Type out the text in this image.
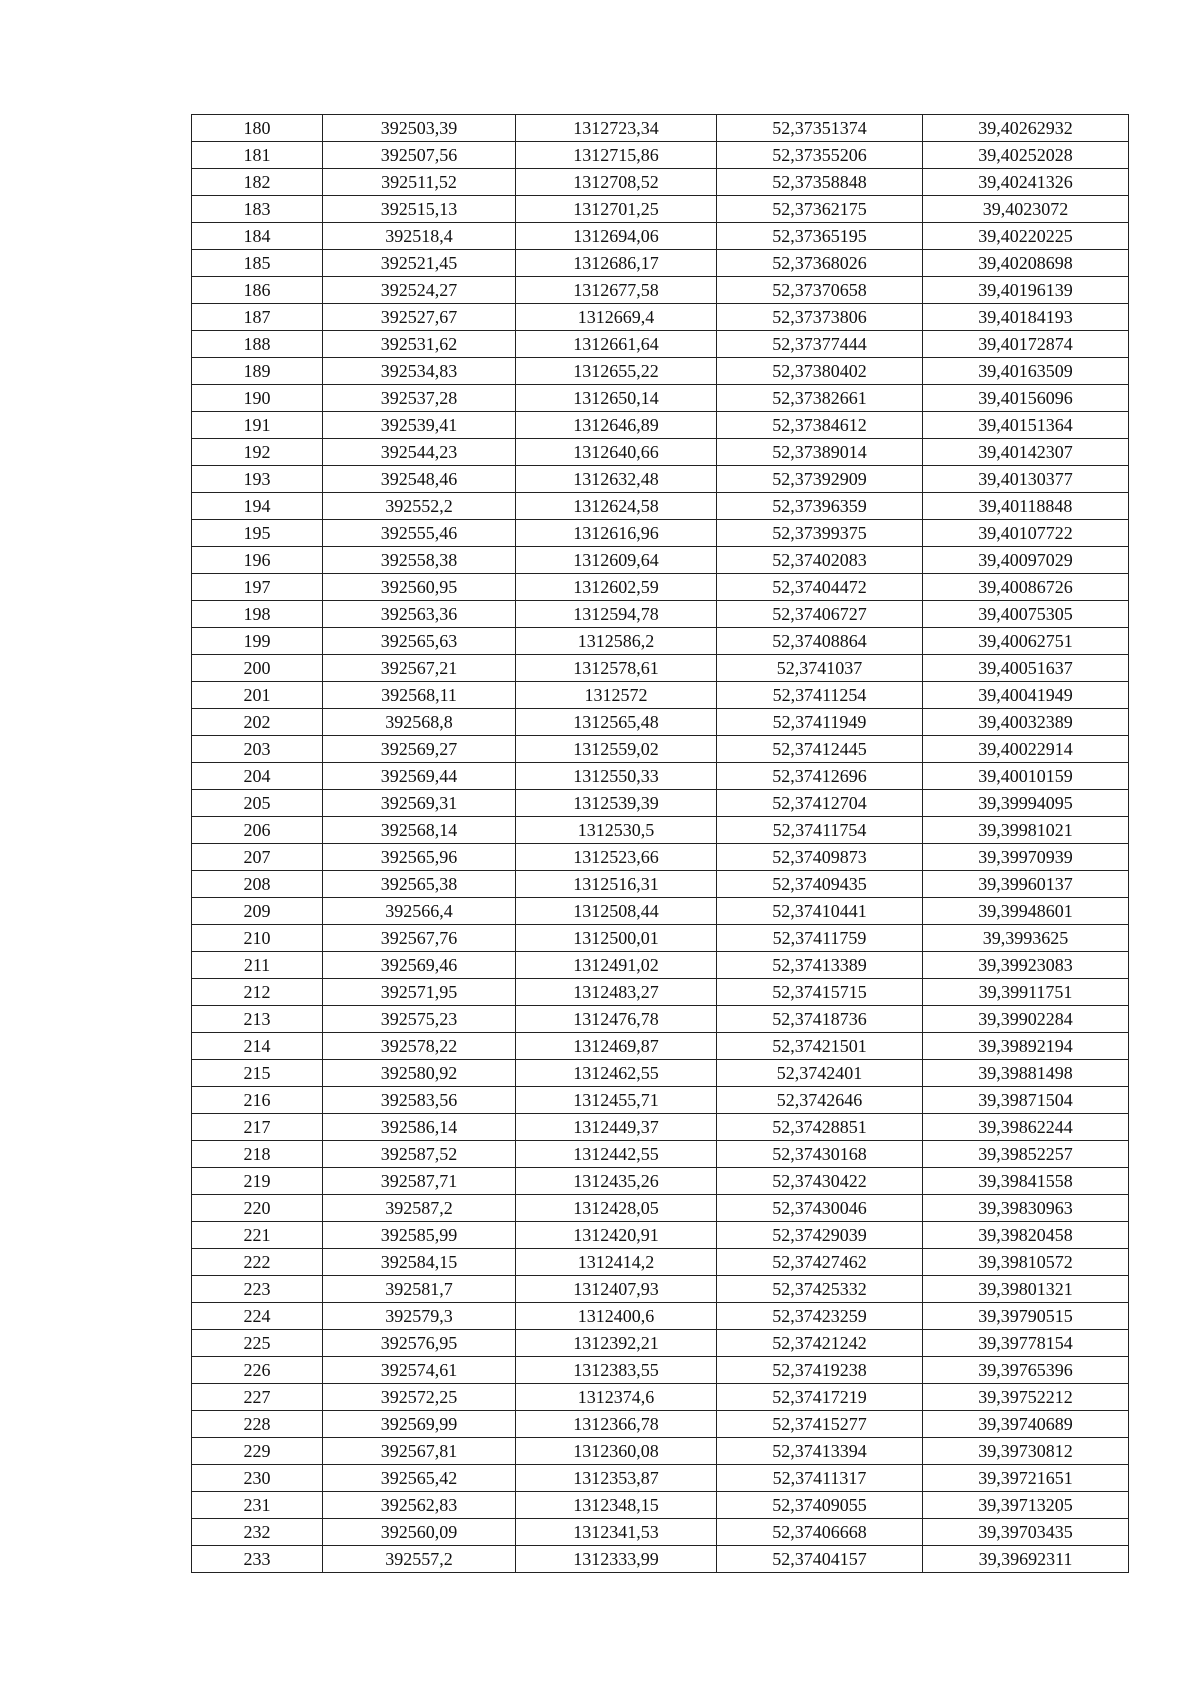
180	392503,39	1312723,34	52,37351374	39,40262932
181	392507,56	1312715,86	52,37355206	39,40252028
182	392511,52	1312708,52	52,37358848	39,40241326
183	392515,13	1312701,25	52,37362175	39,4023072
184	392518,4	1312694,06	52,37365195	39,40220225
185	392521,45	1312686,17	52,37368026	39,40208698
186	392524,27	1312677,58	52,37370658	39,40196139
187	392527,67	1312669,4	52,37373806	39,40184193
188	392531,62	1312661,64	52,37377444	39,40172874
189	392534,83	1312655,22	52,37380402	39,40163509
190	392537,28	1312650,14	52,37382661	39,40156096
191	392539,41	1312646,89	52,37384612	39,40151364
192	392544,23	1312640,66	52,37389014	39,40142307
193	392548,46	1312632,48	52,37392909	39,40130377
194	392552,2	1312624,58	52,37396359	39,40118848
195	392555,46	1312616,96	52,37399375	39,40107722
196	392558,38	1312609,64	52,37402083	39,40097029
197	392560,95	1312602,59	52,37404472	39,40086726
198	392563,36	1312594,78	52,37406727	39,40075305
199	392565,63	1312586,2	52,37408864	39,40062751
200	392567,21	1312578,61	52,3741037	39,40051637
201	392568,11	1312572	52,37411254	39,40041949
202	392568,8	1312565,48	52,37411949	39,40032389
203	392569,27	1312559,02	52,37412445	39,40022914
204	392569,44	1312550,33	52,37412696	39,40010159
205	392569,31	1312539,39	52,37412704	39,39994095
206	392568,14	1312530,5	52,37411754	39,39981021
207	392565,96	1312523,66	52,37409873	39,39970939
208	392565,38	1312516,31	52,37409435	39,39960137
209	392566,4	1312508,44	52,37410441	39,39948601
210	392567,76	1312500,01	52,37411759	39,3993625
211	392569,46	1312491,02	52,37413389	39,39923083
212	392571,95	1312483,27	52,37415715	39,39911751
213	392575,23	1312476,78	52,37418736	39,39902284
214	392578,22	1312469,87	52,37421501	39,39892194
215	392580,92	1312462,55	52,3742401	39,39881498
216	392583,56	1312455,71	52,3742646	39,39871504
217	392586,14	1312449,37	52,37428851	39,39862244
218	392587,52	1312442,55	52,37430168	39,39852257
219	392587,71	1312435,26	52,37430422	39,39841558
220	392587,2	1312428,05	52,37430046	39,39830963
221	392585,99	1312420,91	52,37429039	39,39820458
222	392584,15	1312414,2	52,37427462	39,39810572
223	392581,7	1312407,93	52,37425332	39,39801321
224	392579,3	1312400,6	52,37423259	39,39790515
225	392576,95	1312392,21	52,37421242	39,39778154
226	392574,61	1312383,55	52,37419238	39,39765396
227	392572,25	1312374,6	52,37417219	39,39752212
228	392569,99	1312366,78	52,37415277	39,39740689
229	392567,81	1312360,08	52,37413394	39,39730812
230	392565,42	1312353,87	52,37411317	39,39721651
231	392562,83	1312348,15	52,37409055	39,39713205
232	392560,09	1312341,53	52,37406668	39,39703435
233	392557,2	1312333,99	52,37404157	39,39692311
